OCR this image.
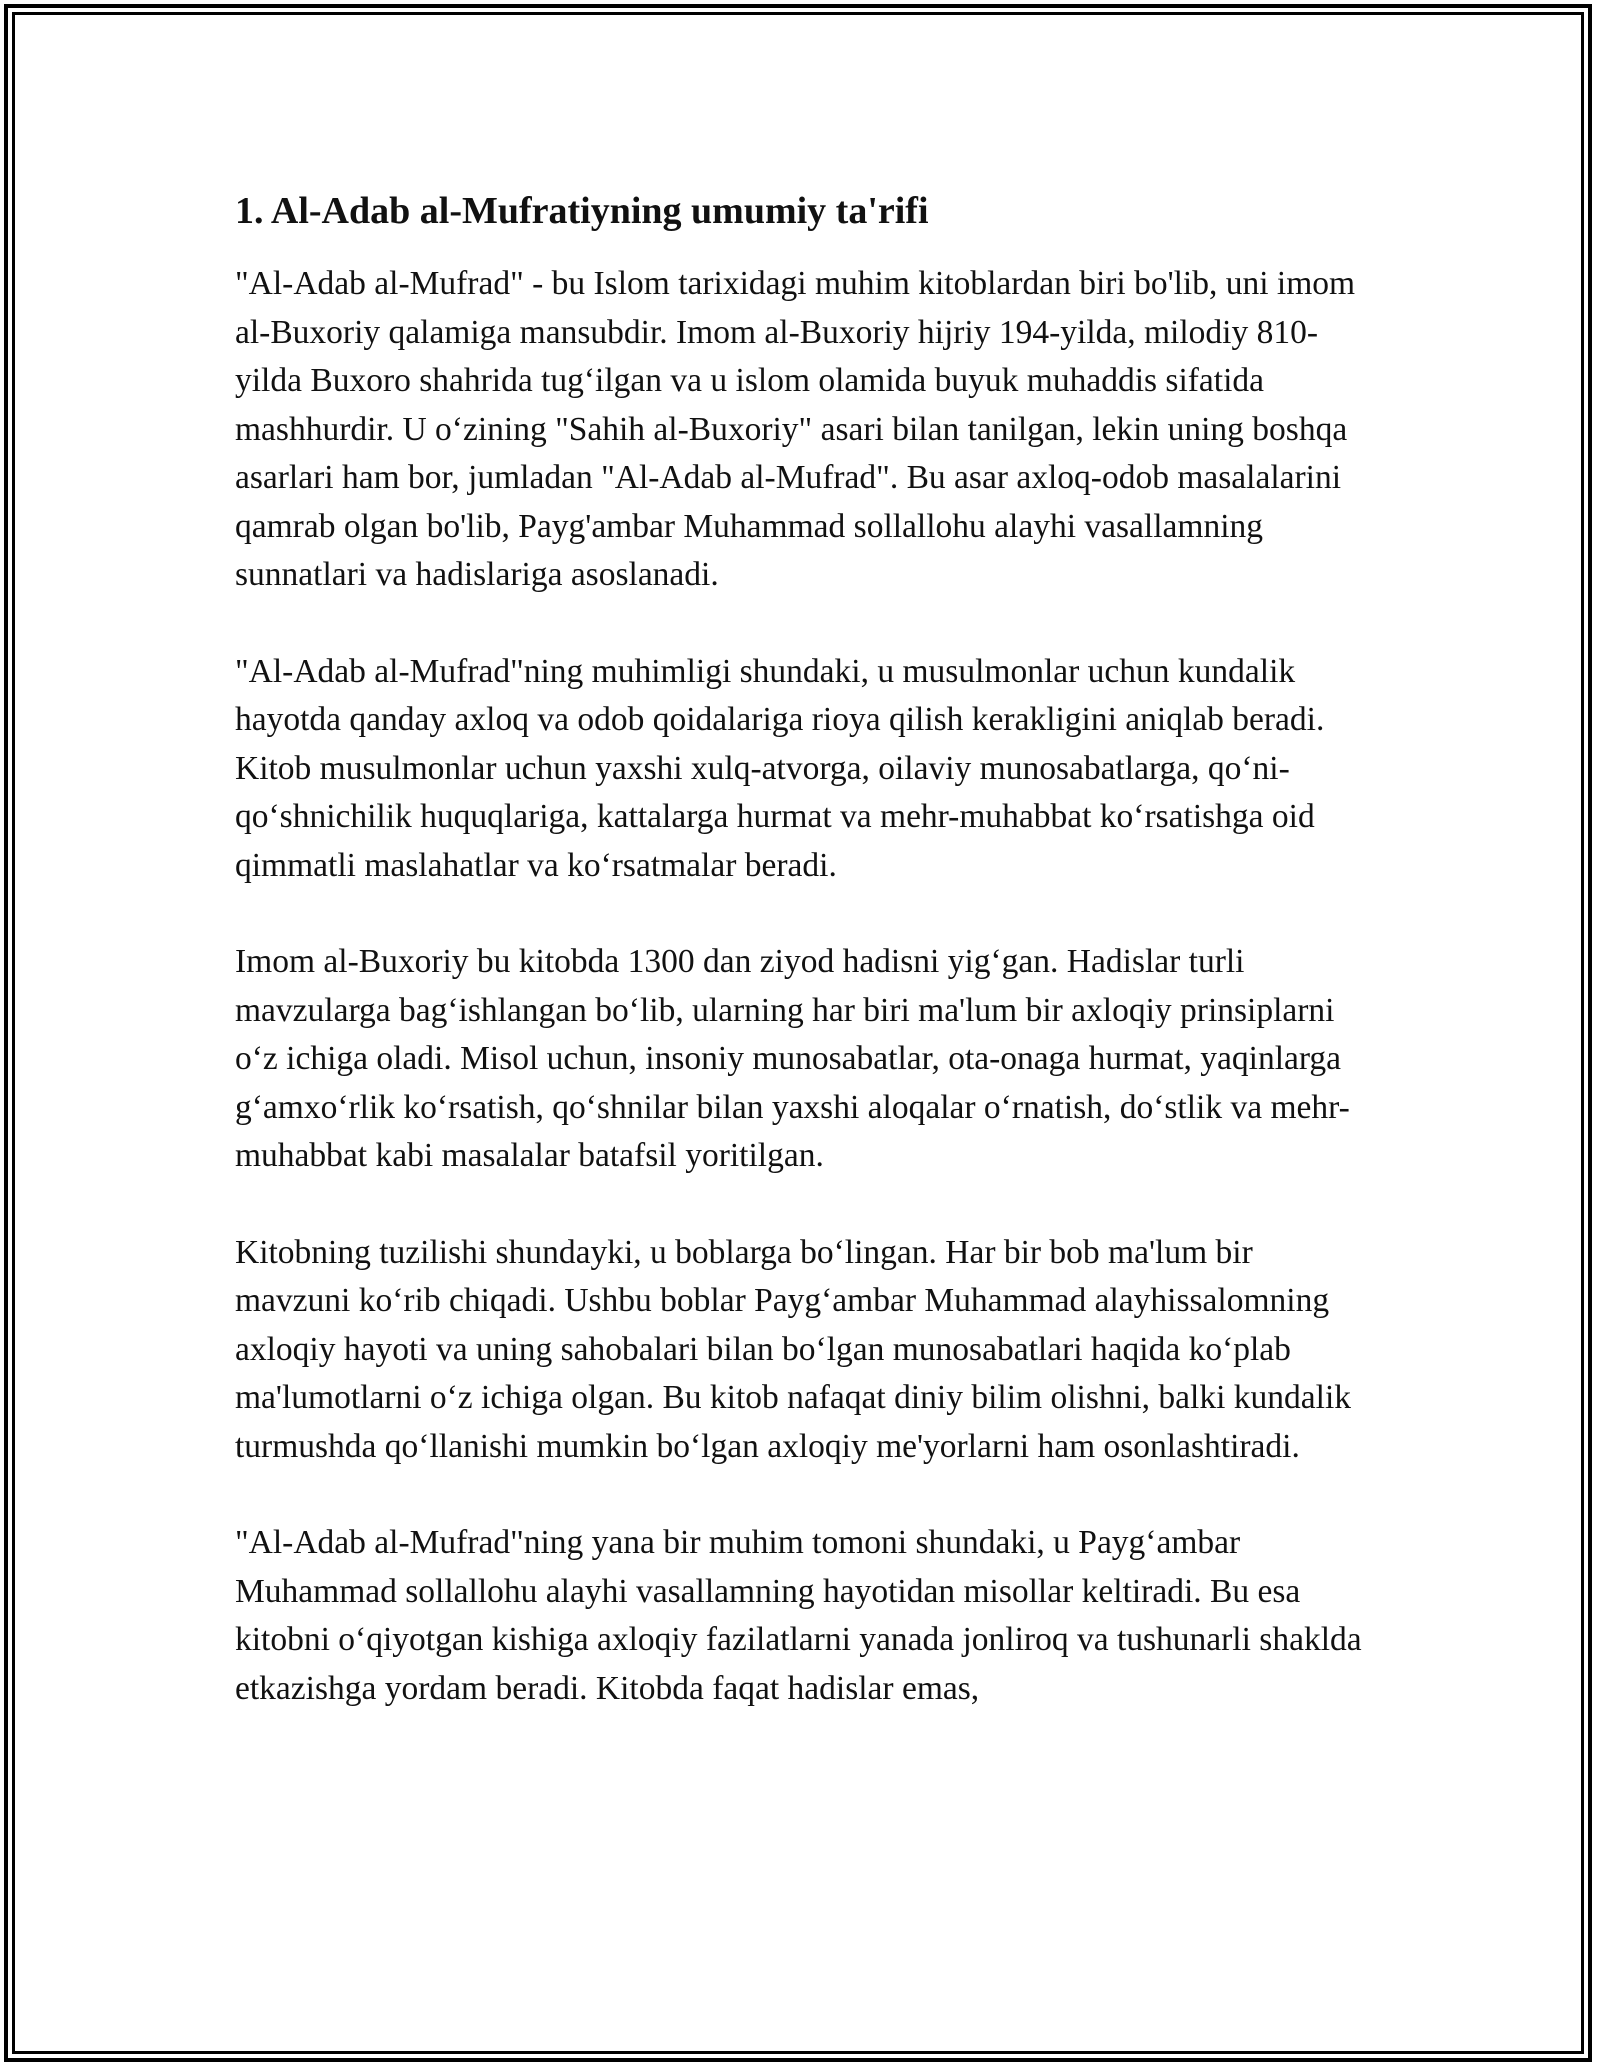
1. Al-Adab al-Mufratiyning umumiy ta'rifi

"Al-Adab al-Mufrad" - bu Islom tarixidagi muhim kitoblardan biri bo'lib, uni imom al-Buxoriy qalamiga mansubdir. Imom al-Buxoriy hijriy 194-yilda, milodiy 810-yilda Buxoro shahrida tug‘ilgan va u islom olamida buyuk muhaddis sifatida mashhurdir. U o‘zining "Sahih al-Buxoriy" asari bilan tanilgan, lekin uning boshqa asarlari ham bor, jumladan "Al-Adab al-Mufrad". Bu asar axloq-odob masalalarini qamrab olgan bo'lib, Payg'ambar Muhammad sollallohu alayhi vasallamning sunnatlari va hadislariga asoslanadi.

"Al-Adab al-Mufrad"ning muhimligi shundaki, u musulmonlar uchun kundalik hayotda qanday axloq va odob qoidalariga rioya qilish kerakligini aniqlab beradi. Kitob musulmonlar uchun yaxshi xulq-atvorga, oilaviy munosabatlarga, qo‘ni-qo‘shnichilik huquqlariga, kattalarga hurmat va mehr-muhabbat ko‘rsatishga oid qimmatli maslahatlar va ko‘rsatmalar beradi.

Imom al-Buxoriy bu kitobda 1300 dan ziyod hadisni yig‘gan. Hadislar turli mavzularga bag‘ishlangan bo‘lib, ularning har biri ma'lum bir axloqiy prinsiplarni o‘z ichiga oladi. Misol uchun, insoniy munosabatlar, ota-onaga hurmat, yaqinlarga g‘amxo‘rlik ko‘rsatish, qo‘shnilar bilan yaxshi aloqalar o‘rnatish, do‘stlik va mehr-muhabbat kabi masalalar batafsil yoritilgan.

Kitobning tuzilishi shundayki, u boblarga bo‘lingan. Har bir bob ma'lum bir mavzuni ko‘rib chiqadi. Ushbu boblar Payg‘ambar Muhammad alayhissalomning axloqiy hayoti va uning sahobalari bilan bo‘lgan munosabatlari haqida ko‘plab ma'lumotlarni o‘z ichiga olgan. Bu kitob nafaqat diniy bilim olishni, balki kundalik turmushda qo‘llanishi mumkin bo‘lgan axloqiy me'yorlarni ham osonlashtiradi.

"Al-Adab al-Mufrad"ning yana bir muhim tomoni shundaki, u Payg‘ambar Muhammad sollallohu alayhi vasallamning hayotidan misollar keltiradi. Bu esa kitobni o‘qiyotgan kishiga axloqiy fazilatlarni yanada jonliroq va tushunarli shakldа etkazishga yordam beradi. Kitobda faqat hadislar emas,
